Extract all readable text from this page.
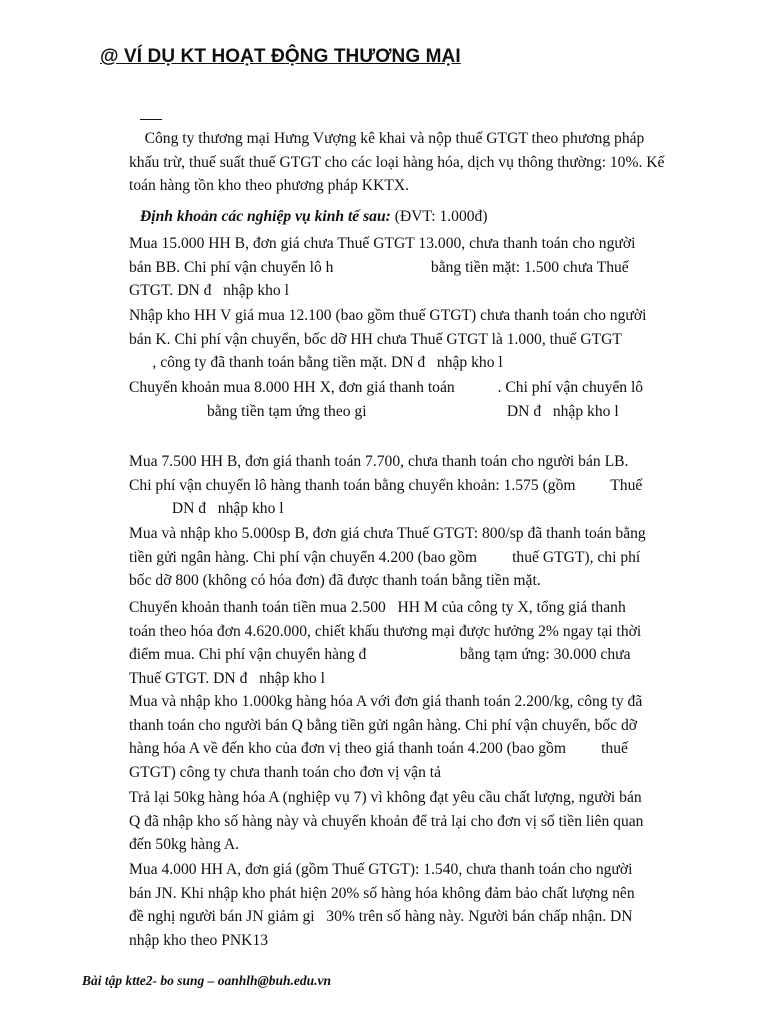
@ VÍ DỤ KT HOẠT ĐỘNG THƯƠNG MẠI

Công ty thương mại Hưng Vượng kê khai và nộp thuế GTGT theo phương pháp
khấu trừ, thuế suất thuế GTGT cho các loại hàng hóa, dịch vụ thông thường: 10%. Kế
toán hàng tồn kho theo phương pháp KKTX.

Định khoản các nghiệp vụ kinh tế sau: (ĐVT: 1.000đ)

Mua 15.000 HH B, đơn giá chưa Thuế GTGT 13.000, chưa thanh toán cho người
bán BB. Chi phí vận chuyển lô h                         bằng tiền mặt: 1.500 chưa Thuế
GTGT. DN đ   nhập kho l

Nhập kho HH V giá mua 12.100 (bao gồm thuế GTGT) chưa thanh toán cho người
bán K. Chi phí vận chuyển, bốc dỡ HH chưa Thuế GTGT là 1.000, thuế GTGT
, công ty đã thanh toán bằng tiền mặt. DN đ   nhập kho l

Chuyển khoản mua 8.000 HH X, đơn giá thanh toán           . Chi phí vận chuyển lô
bằng tiền tạm ứng theo gi                                    DN đ   nhập kho l

Mua 7.500 HH B, đơn giá thanh toán 7.700, chưa thanh toán cho người bán LB.
Chi phí vận chuyển lô hàng thanh toán bằng chuyển khoản: 1.575 (gồm         Thuế
DN đ   nhập kho l

Mua và nhập kho 5.000sp B, đơn giá chưa Thuế GTGT: 800/sp đã thanh toán bằng
tiền gửi ngân hàng. Chi phí vận chuyển 4.200 (bao gồm         thuế GTGT), chi phí
bốc dỡ 800 (không có hóa đơn) đã được thanh toán bằng tiền mặt.

Chuyển khoản thanh toán tiền mua 2.500   HH M của công ty X, tổng giá thanh
toán theo hóa đơn 4.620.000, chiết khấu thương mại được hưởng 2% ngay tại thời
điểm mua. Chi phí vận chuyển hàng đ                        bằng tạm ứng: 30.000 chưa
Thuế GTGT. DN đ   nhập kho l

Mua và nhập kho 1.000kg hàng hóa A với đơn giá thanh toán 2.200/kg, công ty đã
thanh toán cho người bán Q bằng tiền gửi ngân hàng. Chi phí vận chuyển, bốc dỡ
hàng hóa A về đến kho của đơn vị theo giá thanh toán 4.200 (bao gồm         thuế
GTGT) công ty chưa thanh toán cho đơn vị vận tả

Trả lại 50kg hàng hóa A (nghiệp vụ 7) vì không đạt yêu cầu chất lượng, người bán
Q đã nhập kho số hàng này và chuyển khoản để trả lại cho đơn vị số tiền liên quan
đến 50kg hàng A.

Mua 4.000 HH A, đơn giá (gồm Thuế GTGT): 1.540, chưa thanh toán cho người
bán JN. Khi nhập kho phát hiện 20% số hàng hóa không đảm bảo chất lượng nên
đề nghị người bán JN giảm gi   30% trên số hàng này. Người bán chấp nhận. DN
nhập kho theo PNK13

Bài tập ktte2- bo sung – oanhlh@buh.edu.vn
